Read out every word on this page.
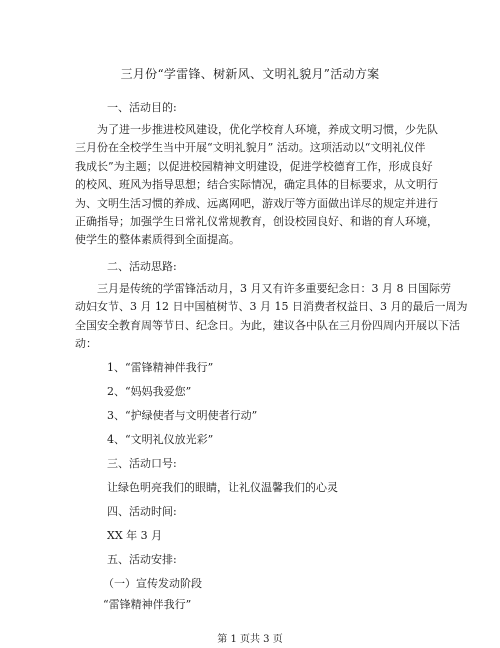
三月份“学雷锋、树新风、文明礼貌月”活动方案
一、活动目的:
为了进一步推进校风建设，优化学校育人环境，养成文明习惯，少先队
三月份在全校学生当中开展“文明礼貌月” 活动。这项活动以“文明礼仪伴
我成长”为主题；以促进校园精神文明建设，促进学校德育工作，形成良好
的校风、班风为指导思想；结合实际情况，确定具体的目标要求，从文明行
为、文明生活习惯的养成、远离网吧，游戏厅等方面做出详尽的规定并进行
正确指导；加强学生日常礼仪常规教育，创设校园良好、和谐的育人环境，
使学生的整体素质得到全面提高。
二、活动思路:
三月是传统的学雷锋活动月，3 月又有许多重要纪念日：3 月 8 日国际劳
动妇女节、3 月 12 日中国植树节、3 月 15 日消费者权益日、3 月的最后一周为
全国安全教育周等节日、纪念日。为此，建议各中队在三月份四周内开展以下活
动：
1、“雷锋精神伴我行”
2、“妈妈我爱您”
3、“护绿使者与文明使者行动”
4、“文明礼仪放光彩”
三、活动口号:
让绿色明亮我们的眼睛，让礼仪温馨我们的心灵
四、活动时间:
XX 年 3 月
五、活动安排:
（一）宣传发动阶段
“雷锋精神伴我行”
第 1 页共 3 页
